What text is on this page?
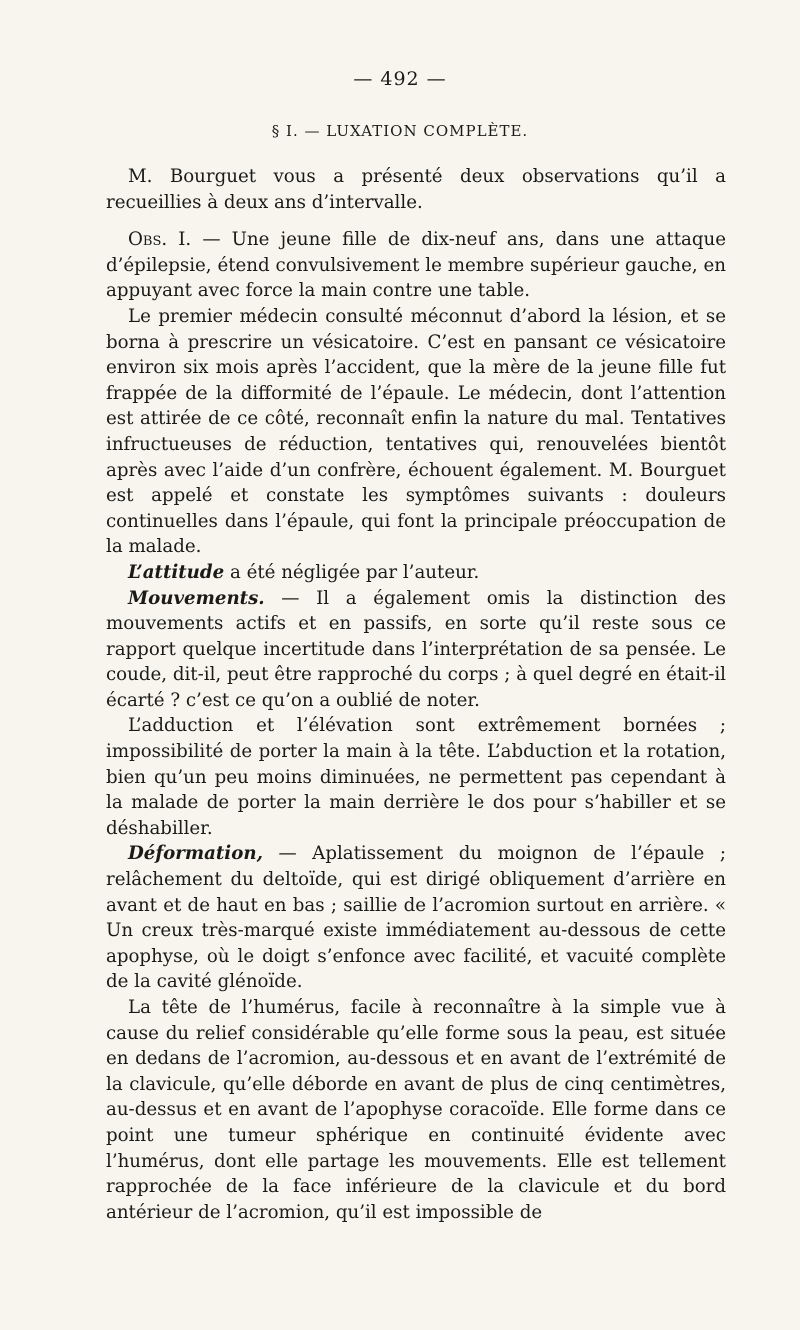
— 492 —
§ I. — LUXATION COMPLÈTE.

M. Bourguet vous a présenté deux observations qu’il a recueillies à deux ans d’intervalle.

Obs. I. — Une jeune fille de dix-neuf ans, dans une attaque d’épilepsie, étend convulsivement le membre supérieur gauche, en appuyant avec force la main contre une table.

Le premier médecin consulté méconnut d’abord la lésion, et se borna à prescrire un vésicatoire. C’est en pansant ce vésicatoire environ six mois après l’accident, que la mère de la jeune fille fut frappée de la difformité de l’épaule. Le médecin, dont l’attention est attirée de ce côté, reconnaît enfin la nature du mal. Tentatives infructueuses de réduction, tentatives qui, renouvelées bientôt après avec l’aide d’un confrère, échouent également. M. Bourguet est appelé et constate les symptômes suivants : douleurs continuelles dans l’épaule, qui font la principale préoccupation de la malade.

L’attitude a été négligée par l’auteur.

Mouvements. — Il a également omis la distinction des mouvements actifs et en passifs, en sorte qu’il reste sous ce rapport quelque incertitude dans l’interprétation de sa pensée. Le coude, dit-il, peut être rapproché du corps ; à quel degré en était-il écarté ? c’est ce qu’on a oublié de noter.

L’adduction et l’élévation sont extrêmement bornées ; impossibilité de porter la main à la tête. L’abduction et la rotation, bien qu’un peu moins diminuées, ne permettent pas cependant à la malade de porter la main derrière le dos pour s’habiller et se déshabiller.

Déformation, — Aplatissement du moignon de l’épaule ; relâchement du deltoïde, qui est dirigé obliquement d’arrière en avant et de haut en bas ; saillie de l’acromion surtout en arrière. « Un creux très-marqué existe immédiatement au-dessous de cette apophyse, où le doigt s’enfonce avec facilité, et vacuité complète de la cavité glénoïde.

La tête de l’humérus, facile à reconnaître à la simple vue à cause du relief considérable qu’elle forme sous la peau, est située en dedans de l’acromion, au-dessous et en avant de l’extrémité de la clavicule, qu’elle déborde en avant de plus de cinq centimètres, au-dessus et en avant de l’apophyse coracoïde. Elle forme dans ce point une tumeur sphérique en continuité évidente avec l’humérus, dont elle partage les mouvements. Elle est tellement rapprochée de la face inférieure de la clavicule et du bord antérieur de l’acromion, qu’il est impossible de
